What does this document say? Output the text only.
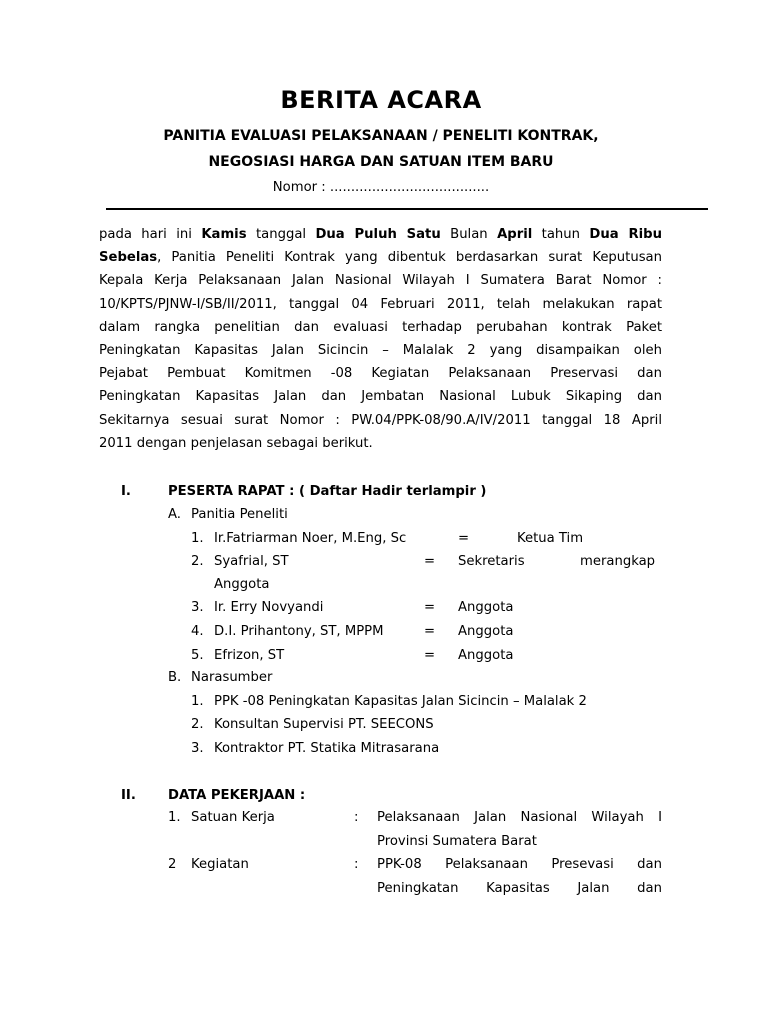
BERITA ACARA
PANITIA EVALUASI PELAKSANAAN / PENELITI KONTRAK,
NEGOSIASI HARGA DAN SATUAN ITEM BARU
Nomor : ......................................
pada hari ini Kamis tanggal Dua Puluh Satu Bulan April tahun Dua Ribu
Sebelas, Panitia Peneliti Kontrak yang dibentuk berdasarkan surat Keputusan
Kepala Kerja Pelaksanaan Jalan Nasional Wilayah I Sumatera Barat Nomor :
10/KPTS/PJNW-I/SB/II/2011, tanggal 04 Februari 2011, telah melakukan rapat
dalam rangka penelitian dan evaluasi terhadap perubahan kontrak Paket
Peningkatan Kapasitas Jalan Sicincin – Malalak 2 yang disampaikan oleh
Pejabat Pembuat Komitmen -08 Kegiatan Pelaksanaan Preservasi dan
Peningkatan Kapasitas Jalan dan Jembatan Nasional Lubuk Sikaping dan
Sekitarnya sesuai surat Nomor : PW.04/PPK-08/90.A/IV/2011 tanggal 18 April
2011 dengan penjelasan sebagai berikut.
I.	PESERTA RAPAT : ( Daftar Hadir terlampir )
A. Panitia Peneliti
1. Ir.Fatriarman Noer, M.Eng, Sc	=	Ketua Tim
2. Syafrial, ST	= Sekretaris	merangkap
Anggota
3. Ir. Erry Novyandi	= Anggota
4. D.I. Prihantony, ST, MPPM	= Anggota
5. Efrizon, ST	= Anggota
B. Narasumber
1. PPK -08 Peningkatan Kapasitas Jalan Sicincin – Malalak 2
2. Konsultan Supervisi PT. SEECONS
3. Kontraktor PT. Statika Mitrasarana
II. DATA PEKERJAAN :
1. Satuan Kerja	: Pelaksanaan Jalan Nasional Wilayah I
Provinsi Sumatera Barat
2 Kegiatan	: PPK-08 Pelaksanaan Presevasi dan
Peningkatan Kapasitas Jalan dan
